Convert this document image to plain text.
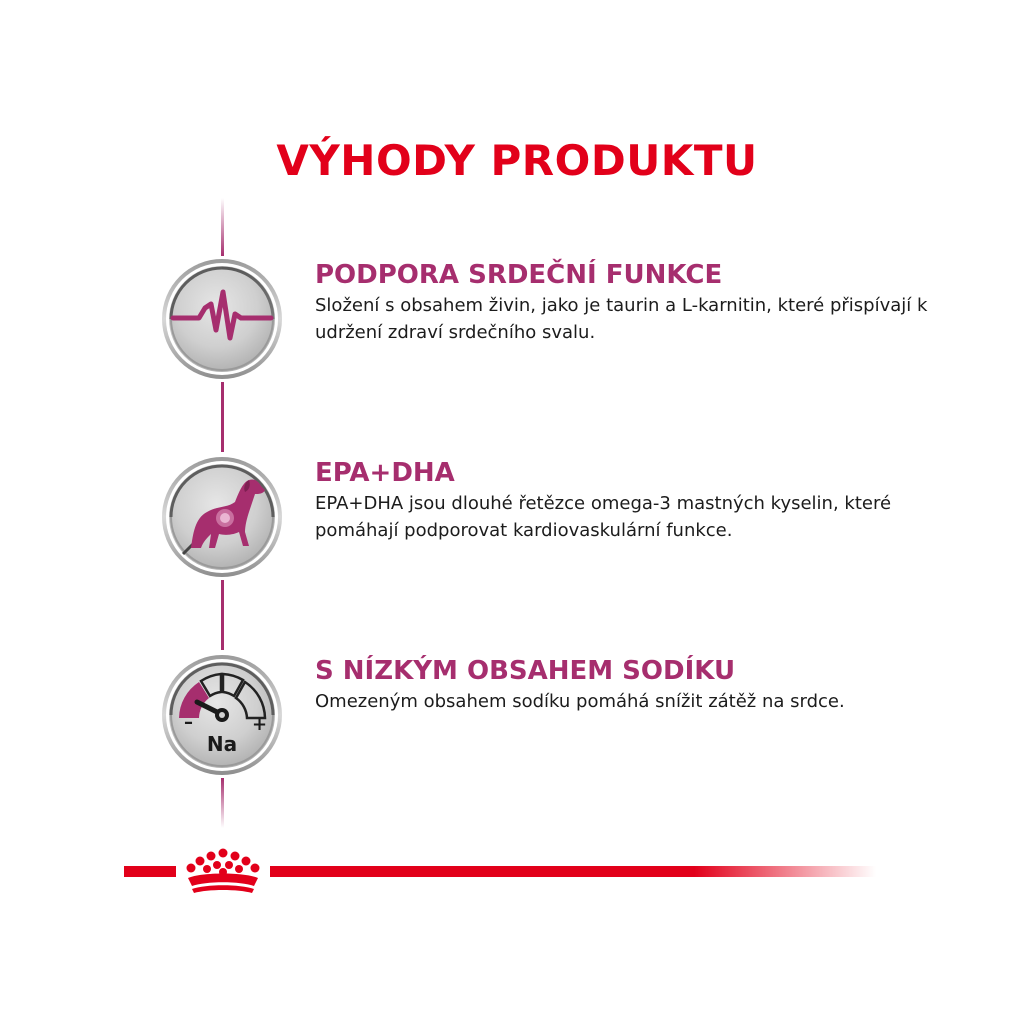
VÝHODY PRODUKTU
PODPORA SRDEČNÍ FUNKCE

Složení s obsahem živin, jako je taurin a L-karnitin, které přispívají k udržení zdraví srdečního svalu.

EPA+DHA

EPA+DHA jsou dlouhé řetězce omega-3 mastných kyselin, které pomáhají podporovat kardiovaskulární funkce.

–	+
Na
S NÍZKÝM OBSAHEM SODÍKU

Omezeným obsahem sodíku pomáhá snížit zátěž na srdce.
